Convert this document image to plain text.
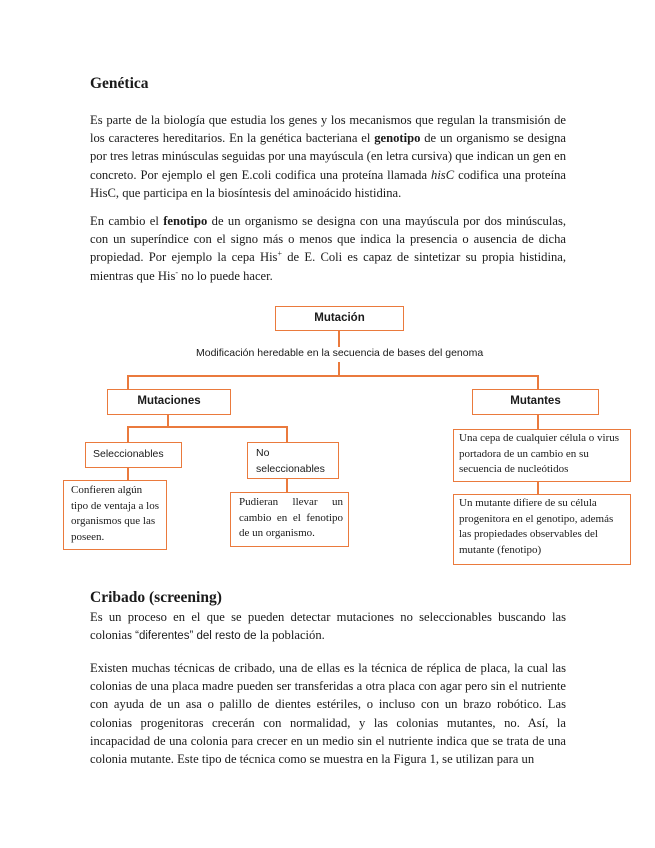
Genética

Es parte de la biología que estudia los genes y los mecanismos que regulan la transmisión de los caracteres hereditarios. En la genética bacteriana el genotipo de un organismo se designa por tres letras minúsculas seguidas por una mayúscula (en letra cursiva) que indican un gen en concreto. Por ejemplo el gen E.coli codifica una proteína llamada hisC codifica una proteína HisC, que participa en la biosíntesis del aminoácido histidina.

En cambio el fenotipo de un organismo se designa con una mayúscula por dos minúsculas, con un superíndice con el signo más o menos que indica la presencia o ausencia de dicha propiedad. Por ejemplo la cepa His+ de E. Coli es capaz de sintetizar su propia histidina, mientras que His- no lo puede hacer.

Mutación
Modificación heredable en la secuencia de bases del genoma
Mutaciones	Mutantes
Seleccionables	No
seleccionables
Confieren algún tipo de ventaja a los organismos que las poseen.
Pudieran llevar un cambio en el fenotipo de un organismo.
Una cepa de cualquier célula o virus portadora de un cambio en su secuencia de nucleótidos
Un mutante difiere de su célula progenitora en el genotipo, además las propiedades observables del mutante (fenotipo)
Cribado (screening)

Es un proceso en el que se pueden detectar mutaciones no seleccionables buscando las colonias “diferentes” del resto de la población.

Existen muchas técnicas de cribado, una de ellas es la técnica de réplica de placa, la cual las colonias de una placa madre pueden ser transferidas a otra placa con agar pero sin el nutriente con ayuda de un asa o palillo de dientes estériles, o incluso con un brazo robótico. Las colonias progenitoras crecerán con normalidad, y las colonias mutantes, no. Así, la incapacidad de una colonia para crecer en un medio sin el nutriente indica que se trata de una colonia mutante. Este tipo de técnica como se muestra en la Figura 1, se utilizan para un
